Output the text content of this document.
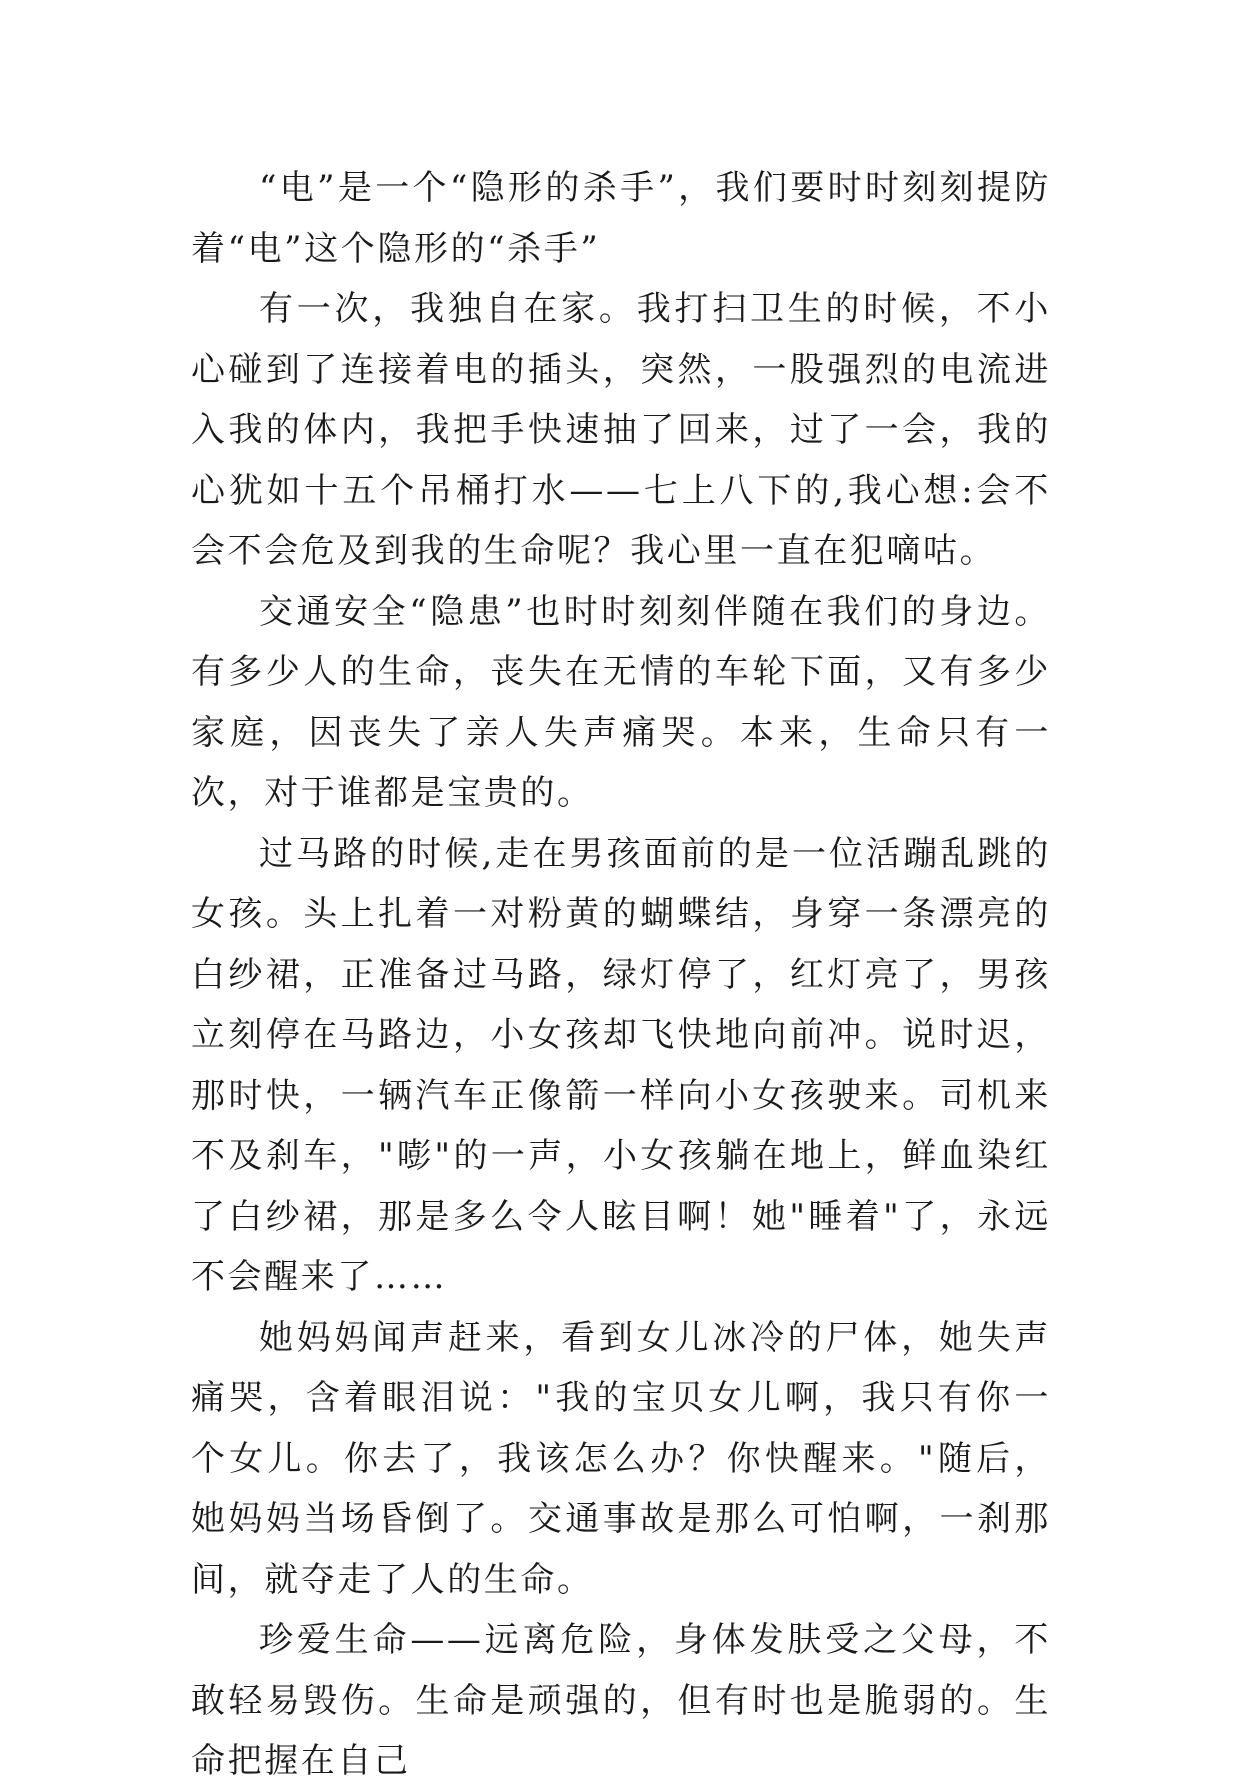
“电”是一个“隐形的杀手”，我们要时时刻刻提防着“电”这个隐形的“杀手”

有一次，我独自在家。我打扫卫生的时候，不小心碰到了连接着电的插头，突然，一股强烈的电流进入我的体内，我把手快速抽了回来，过了一会，我的心犹如十五个吊桶打水——七上八下的,我心想:会不会不会危及到我的生命呢？我心里一直在犯嘀咕。

交通安全“隐患”也时时刻刻伴随在我们的身边。有多少人的生命，丧失在无情的车轮下面，又有多少家庭，因丧失了亲人失声痛哭。本来，生命只有一次，对于谁都是宝贵的。

过马路的时候,走在男孩面前的是一位活蹦乱跳的女孩。头上扎着一对粉黄的蝴蝶结，身穿一条漂亮的白纱裙，正准备过马路，绿灯停了，红灯亮了，男孩立刻停在马路边，小女孩却飞快地向前冲。说时迟，那时快，一辆汽车正像箭一样向小女孩驶来。司机来不及刹车，"嘭"的一声，小女孩躺在地上，鲜血染红了白纱裙，那是多么令人眩目啊！她"睡着"了，永远不会醒来了……

她妈妈闻声赶来，看到女儿冰冷的尸体，她失声痛哭，含着眼泪说："我的宝贝女儿啊，我只有你一个女儿。你去了，我该怎么办？你快醒来。"随后，她妈妈当场昏倒了。交通事故是那么可怕啊，一刹那间，就夺走了人的生命。

珍爱生命——远离危险，身体发肤受之父母，不敢轻易毁伤。生命是顽强的，但有时也是脆弱的。生命把握在自己
